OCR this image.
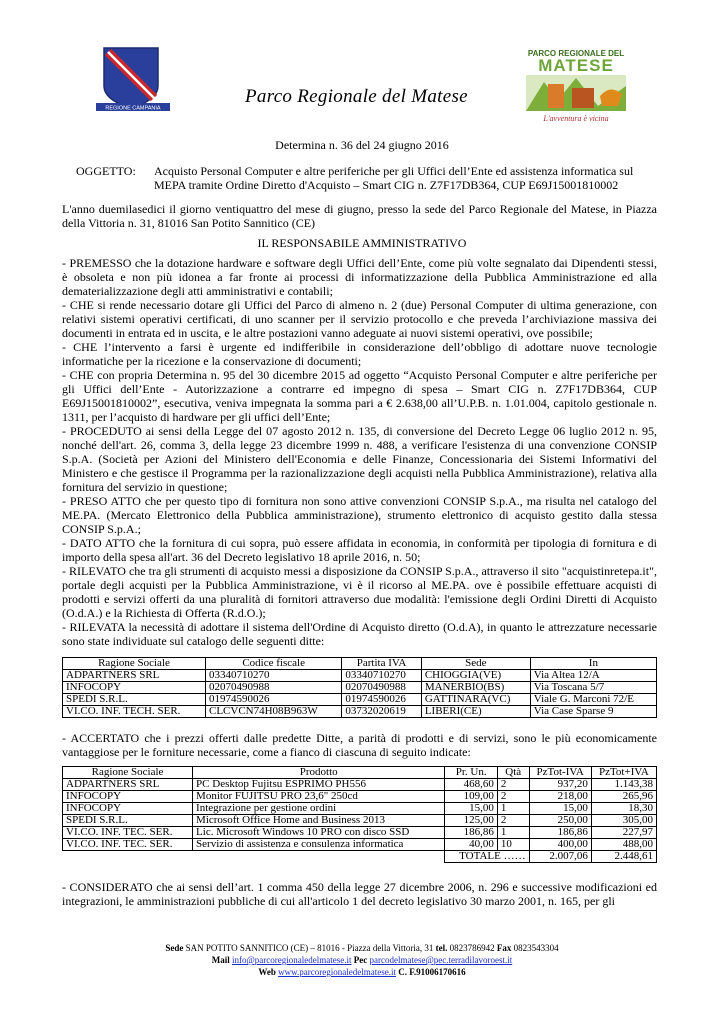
REGIONE CAMPANIA
PARCO REGIONALE DEL
MATESE
L'avventura è vicina
Parco Regionale del Matese
Determina n. 36 del 24 giugno 2016
OGGETTO:	Acquisto Personal Computer e altre periferiche per gli Uffici dell’Ente ed assistenza informatica sul MEPA tramite Ordine Diretto d'Acquisto – Smart CIG n. Z7F17DB364, CUP E69J15001810002
L'anno duemilasedici il giorno ventiquattro del mese di giugno, presso la sede del Parco Regionale del Matese, in Piazza della Vittoria n. 31, 81016 San Potito Sannitico (CE)
IL RESPONSABILE AMMINISTRATIVO

- PREMESSO che la dotazione hardware e software degli Uffici dell’Ente, come più volte segnalato dai Dipendenti stessi, è obsoleta e non più idonea a far fronte ai processi di informatizzazione della Pubblica Amministrazione ed alla dematerializzazione degli atti amministrativi e contabili;

- CHE si rende necessario dotare gli Uffici del Parco di almeno n. 2 (due) Personal Computer di ultima generazione, con relativi sistemi operativi certificati, di uno scanner per il servizio protocollo e che preveda l’archiviazione massiva dei documenti in entrata ed in uscita, e le altre postazioni vanno adeguate ai nuovi sistemi operativi, ove possibile;

- CHE l’intervento a farsi è urgente ed indifferibile in considerazione dell’obbligo di adottare nuove tecnologie informatiche per la ricezione e la conservazione di documenti;

- CHE con propria Determina n. 95 del 30 dicembre 2015 ad oggetto “Acquisto Personal Computer e altre periferiche per gli Uffici dell’Ente - Autorizzazione a contrarre ed impegno di spesa – Smart CIG n. Z7F17DB364, CUP E69J15001810002”, esecutiva, veniva impegnata la somma pari a € 2.638,00 all’U.P.B. n. 1.01.004, capitolo gestionale n. 1311, per l’acquisto di hardware per gli uffici dell’Ente;

- PROCEDUTO ai sensi della Legge del 07 agosto 2012 n. 135, di conversione del Decreto Legge 06 luglio 2012 n. 95, nonché dell'art. 26, comma 3, della legge 23 dicembre 1999 n. 488, a verificare l'esistenza di una convenzione CONSIP S.p.A. (Società per Azioni del Ministero dell'Economia e delle Finanze, Concessionaria dei Sistemi Informativi del Ministero e che gestisce il Programma per la razionalizzazione degli acquisti nella Pubblica Amministrazione), relativa alla fornitura del servizio in questione;

- PRESO ATTO che per questo tipo di fornitura non sono attive convenzioni CONSIP S.p.A., ma risulta nel catalogo del ME.PA. (Mercato Elettronico della Pubblica amministrazione), strumento elettronico di acquisto gestito dalla stessa CONSIP S.p.A.;

- DATO ATTO che la fornitura di cui sopra, può essere affidata in economia, in conformità per tipologia di fornitura e di importo della spesa all'art. 36 del Decreto legislativo 18 aprile 2016, n. 50;

- RILEVATO che tra gli strumenti di acquisto messi a disposizione da CONSIP S.p.A., attraverso il sito "acquistinretepa.it", portale degli acquisti per la Pubblica Amministrazione, vi è il ricorso al ME.PA. ove è possibile effettuare acquisti di prodotti e servizi offerti da una pluralità di fornitori attraverso due modalità: l'emissione degli Ordini Diretti di Acquisto (O.d.A.) e la Richiesta di Offerta (R.d.O.);

- RILEVATA la necessità di adottare il sistema dell'Ordine di Acquisto diretto (O.d.A), in quanto le attrezzature necessarie sono state individuate sul catalogo delle seguenti ditte:

Ragione Sociale	Codice fiscale	Partita IVA	Sede	In
ADPARTNERS SRL	03340710270	03340710270	CHIOGGIA(VE)	Via Altea 12/A
INFOCOPY	02070490988	02070490988	MANERBIO(BS)	Via Toscana 5/7
SPEDI S.R.L.	01974590026	01974590026	GATTINARA(VC)	Viale G. Marconi 72/E
VI.CO. INF. TECH. SER.	CLCVCN74H08B963W	03732020619	LIBERI(CE)	Via Case Sparse 9
- ACCERTATO che i prezzi offerti dalle predette Ditte, a parità di prodotti e di servizi, sono le più economicamente vantaggiose per le forniture necessarie, come a fianco di ciascuna di seguito indicate:
Ragione Sociale	Prodotto	Pr. Un.	Qtà	PzTot-IVA	PzTot+IVA
ADPARTNERS SRL	PC Desktop Fujitsu ESPRIMO PH556	468,60	2	937,20	1.143,38
INFOCOPY	Monitor FUJITSU PRO 23,6" 250cd	109,00	2	218,00	265,96
INFOCOPY	Integrazione per gestione ordini	15,00	1	15,00	18,30
SPEDI S.R.L.	Microsoft Office Home and Business 2013	125,00	2	250,00	305,00
VI.CO. INF. TEC. SER.	Lic. Microsoft Windows 10 PRO con disco SSD	186,86	1	186,86	227,97
VI.CO. INF. TEC. SER.	Servizio di assistenza e consulenza informatica	40,00	10	400,00	488,00
		TOTALE ……		2.007,06	2.448,61
- CONSIDERATO che ai sensi dell’art. 1 comma 450 della legge 27 dicembre 2006, n. 296 e successive modificazioni ed integrazioni, le amministrazioni pubbliche di cui all'articolo 1 del decreto legislativo 30 marzo 2001, n. 165, per gli
Sede SAN POTITO SANNITICO (CE) – 81016 - Piazza della Vittoria, 31 tel. 0823786942 Fax 0823543304
Mail info@parcoregionaledelmatese.it Pec parcodelmatese@pec.terradilavoroest.it
Web www.parcoregionaledelmatese.it C. F.91006170616
